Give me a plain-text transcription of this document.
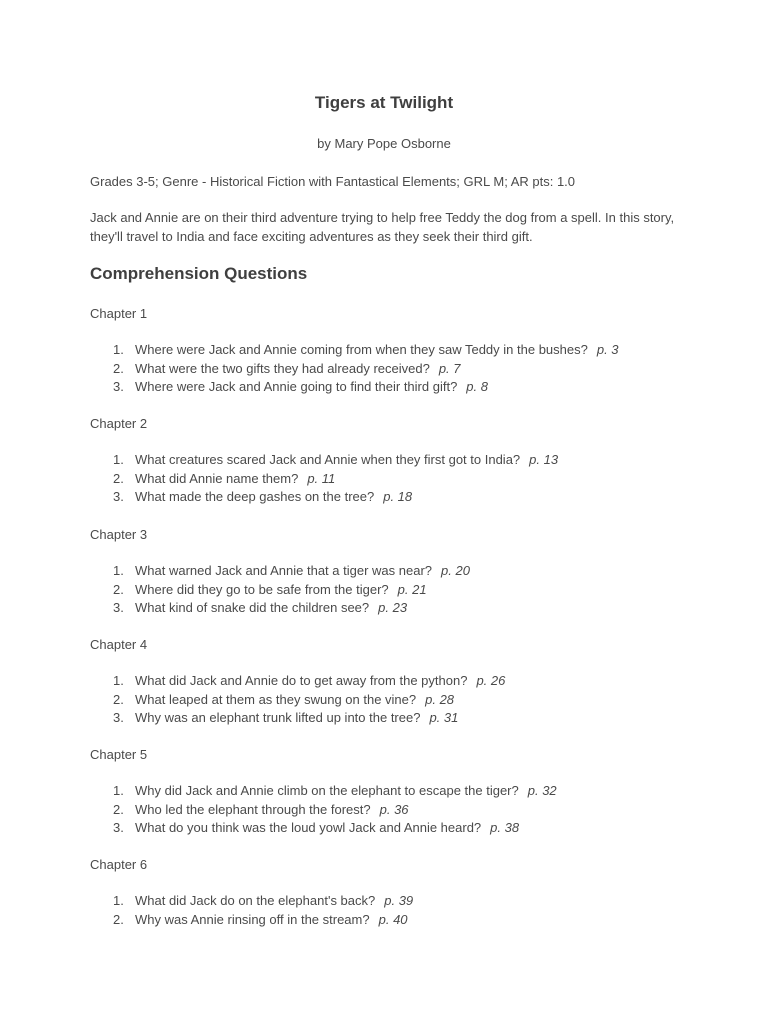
Tigers at Twilight

by Mary Pope Osborne

Grades 3-5; Genre - Historical Fiction with Fantastical Elements; GRL M; AR pts: 1.0

Jack and Annie are on their third adventure trying to help free Teddy the dog from a spell. In this story, they'll travel to India and face exciting adventures as they seek their third gift.

Comprehension Questions

Chapter 1

1. Where were Jack and Annie coming from when they saw Teddy in the bushes? p. 3
2. What were the two gifts they had already received? p. 7
3. Where were Jack and Annie going to find their third gift? p. 8

Chapter 2

1. What creatures scared Jack and Annie when they first got to India? p. 13
2. What did Annie name them? p. 11
3. What made the deep gashes on the tree? p. 18

Chapter 3

1. What warned Jack and Annie that a tiger was near? p. 20
2. Where did they go to be safe from the tiger? p. 21
3. What kind of snake did the children see? p. 23

Chapter 4

1. What did Jack and Annie do to get away from the python? p. 26
2. What leaped at them as they swung on the vine? p. 28
3. Why was an elephant trunk lifted up into the tree? p. 31

Chapter 5

1. Why did Jack and Annie climb on the elephant to escape the tiger? p. 32
2. Who led the elephant through the forest? p. 36
3. What do you think was the loud yowl Jack and Annie heard? p. 38

Chapter 6

1. What did Jack do on the elephant's back? p. 39
2. Why was Annie rinsing off in the stream? p. 40
